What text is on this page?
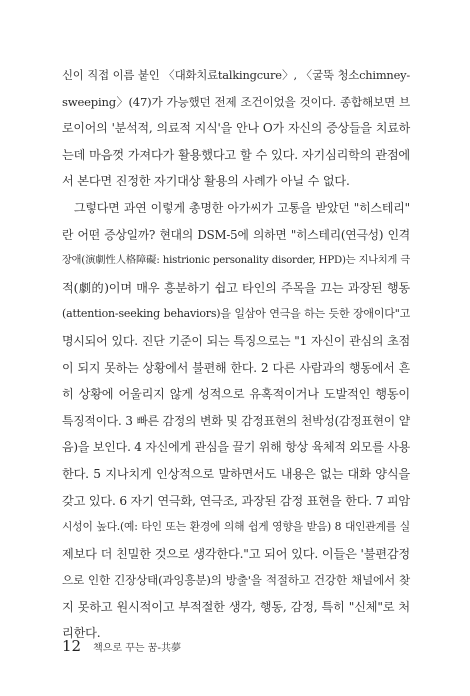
신이 직접 이름 붙인 〈대화치료talkingcure〉, 〈굴뚝 청소chimney-
sweeping〉(47)가 가능했던 전제 조건이었을 것이다. 종합해보면 브
로이어의 '분석적, 의료적 지식'을 안나 O가 자신의 증상들을 치료하
는데 마음껏 가져다가 활용했다고 할 수 있다. 자기심리학의 관점에
서 본다면 진정한 자기대상 활용의 사례가 아닐 수 없다.
그렇다면 과연 이렇게 총명한 아가씨가 고통을 받았던 "히스테리"
란 어떤 증상일까? 현대의 DSM-5에 의하면 "히스테리(연극성) 인격
장애(演劇性人格障礙: histrionic personality disorder, HPD)는 지나치게 극
적(劇的)이며 매우 흥분하기 쉽고 타인의 주목을 끄는 과장된 행동
(attention-seeking behaviors)을 일삼아 연극을 하는 듯한 장애이다"고
명시되어 있다. 진단 기준이 되는 특징으로는 "1 자신이 관심의 초점
이 되지 못하는 상황에서 불편해 한다. 2 다른 사람과의 행동에서 흔
히 상황에 어울리지 않게 성적으로 유혹적이거나 도발적인 행동이
특징적이다. 3 빠른 감정의 변화 및 감정표현의 천박성(감정표현이 얕
음)을 보인다. 4 자신에게 관심을 끌기 위해 항상 육체적 외모를 사용
한다. 5 지나치게 인상적으로 말하면서도 내용은 없는 대화 양식을
갖고 있다. 6 자기 연극화, 연극조, 과장된 감정 표현을 한다. 7 피암
시성이 높다.(예: 타인 또는 환경에 의해 쉽게 영향을 받음) 8 대인관계를 실
제보다 더 친밀한 것으로 생각한다."고 되어 있다. 이들은 '불편감정
으로 인한 긴장상태(과잉흥분)의 방출'을 적절하고 건강한 채널에서 찾
지 못하고 원시적이고 부적절한 생각, 행동, 감정, 특히 "신체"로 처
리한다.
12 책으로 꾸는 꿈-共夢
